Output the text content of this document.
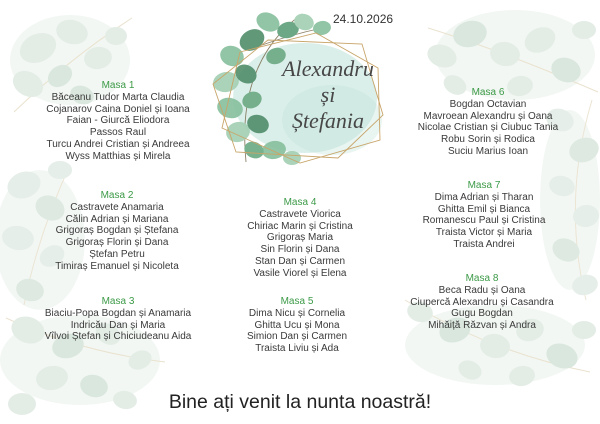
24.10.2026
Alexandru
și
Ștefania
Masa 1
Băceanu Tudor Marta Claudia
Cojanarov Caina Doniel și Ioana
Faian - Giurcă Eliodora
Passos Raul
Turcu Andrei Cristian și Andreea
Wyss Matthias și Mirela
Masa 2
Castravete Anamaria
Călin Adrian și Mariana
Grigoraș Bogdan și Ștefana
Grigoraș Florin și Dana
Ștefan Petru
Timiraș Emanuel și Nicoleta
Masa 3
Biaciu-Popa Bogdan și Anamaria
Indricău Dan și Maria
Vîlvoi Ștefan și Chiciudeanu Aida
Masa 4
Castravete Viorica
Chiriac Marin și Cristina
Grigoraș Maria
Sin Florin și Dana
Stan Dan și Carmen
Vasile Viorel și Elena
Masa 5
Dima Nicu și Cornelia
Ghitta Ucu și Mona
Simion Dan și Carmen
Traista Liviu și Ada
Masa 6
Bogdan Octavian
Mavroean Alexandru și Oana
Nicolae Cristian și Ciubuc Tania
Robu Sorin și Rodica
Suciu Marius Ioan
Masa 7
Dima Adrian și Tharan
Ghitta Emil și Bianca
Romanescu Paul și Cristina
Traista Victor și Maria
Traista Andrei
Masa 8
Beca Radu și Oana
Ciupercă Alexandru și Casandra
Gugu Bogdan
Mihăiță Răzvan și Andra
Bine ați venit la nunta noastră!
